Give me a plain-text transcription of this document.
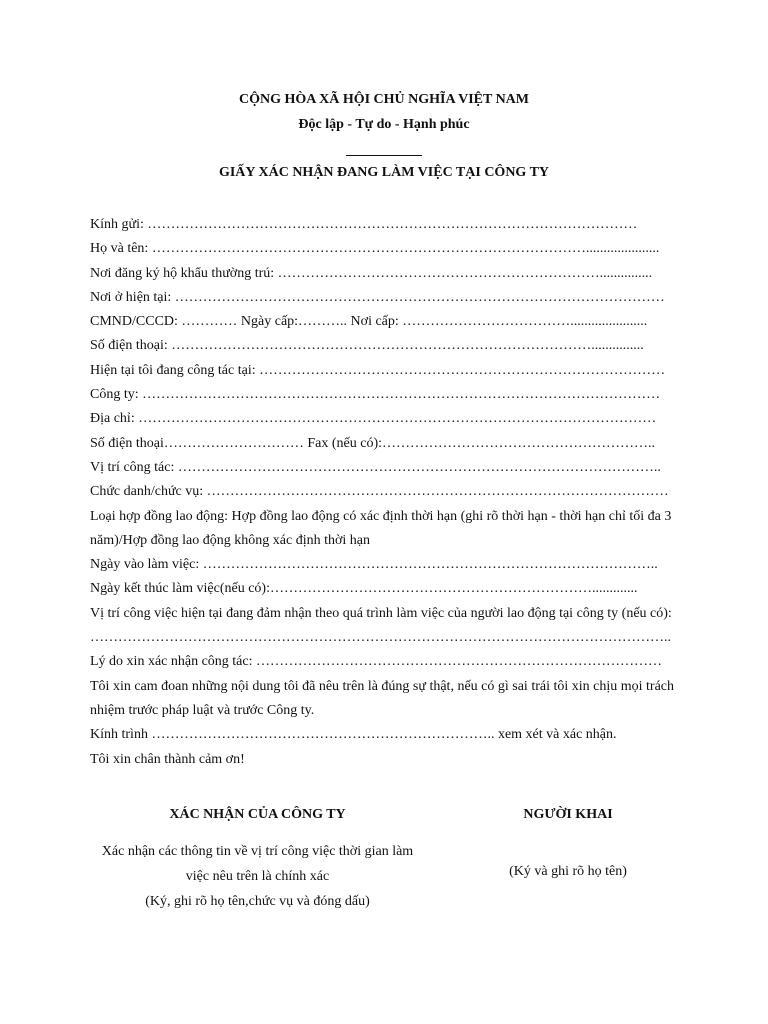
CỘNG HÒA XÃ HỘI CHỦ NGHĨA VIỆT NAM
Độc lập - Tự do - Hạnh phúc
GIẤY XÁC NHẬN ĐANG LÀM VIỆC TẠI CÔNG TY
Kính gửi: ……………………………………………………………………………………………
Họ và tên: ………………………………………………………………………………….....................
Nơi đăng ký hộ khẩu thường trú: ……………………………………………………………...............
Nơi ở hiện tại: ……………………………………………………………………………………………
CMND/CCCD: ………… Ngày cấp:……….. Nơi cấp: ………………………………......................
Số điện thoại: ………………………………………………………………………………...............
Hiện tại tôi đang công tác tại: ……………………………………………………………………………
Công ty: …………………………………………………………………………………………………
Địa chỉ: …………………………………………………………………………………………………
Số điện thoại………………………… Fax (nếu có):…………………………………………………..
Vị trí công tác: …………………………………………………………………………………………..
Chức danh/chức vụ: ………………………………………………………………………………………
Loại hợp đồng lao động: Hợp đồng lao động có xác định thời hạn (ghi rõ thời hạn - thời hạn chỉ tối đa 3
năm)/Hợp đồng lao động không xác định thời hạn
Ngày vào làm việc: ……………………………………………………………………………………..
Ngày kết thúc làm việc(nếu có):…………………………………………………………….............
Vị trí công việc hiện tại đang đảm nhận theo quá trình làm việc của người lao động tại công ty (nếu có):
……………………………………………………………………………………………………………..
Lý do xin xác nhận công tác: ……………………………………………………………………………
Tôi xin cam đoan những nội dung tôi đã nêu trên là đúng sự thật, nếu có gì sai trái tôi xin chịu mọi trách
nhiệm trước pháp luật và trước Công ty.
Kính trình ……………………………………………………………….. xem xét và xác nhận.
Tôi xin chân thành cảm ơn!
XÁC NHẬN CỦA CÔNG TY
Xác nhận các thông tin về vị trí công việc thời gian làm
việc nêu trên là chính xác
(Ký, ghi rõ họ tên,chức vụ và đóng dấu)
NGƯỜI KHAI
(Ký và ghi rõ họ tên)
